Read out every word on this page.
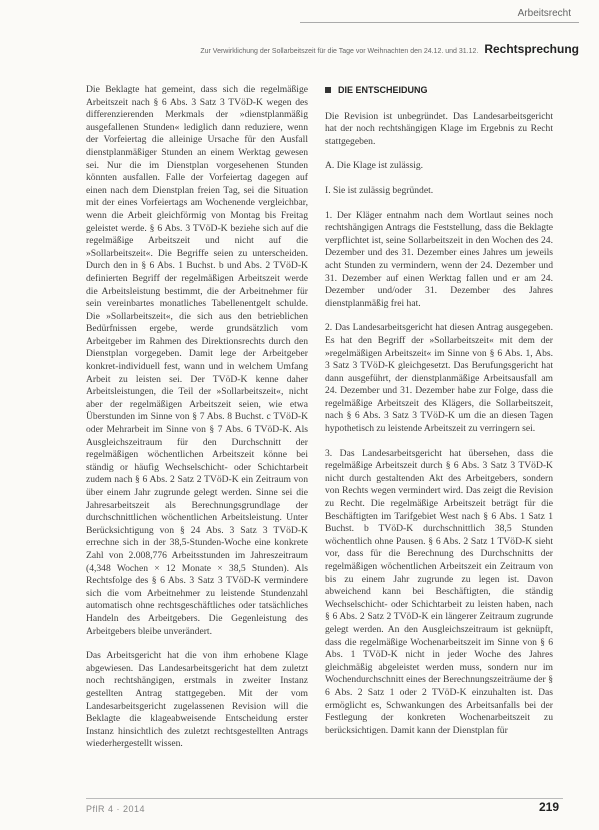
Arbeitsrecht
Zur Verwirklichung der Sollarbeitszeit für die Tage vor Weihnachten den 24.12. und 31.12. Rechtsprechung

Die Beklagte hat gemeint, dass sich die regelmäßige Arbeitszeit nach § 6 Abs. 3 Satz 3 TVöD-K wegen des differenzierenden Merkmals der »dienstplanmäßig ausgefallenen Stunden« lediglich dann reduziere, wenn der Vorfeiertag die alleinige Ursache für den Ausfall dienstplanmäßiger Stunden an einem Werktag gewesen sei. Nur die im Dienstplan vorgesehenen Stunden könnten ausfallen. Falle der Vorfeiertag dagegen auf einen nach dem Dienstplan freien Tag, sei die Situation mit der eines Vorfeiertags am Wochenende vergleichbar, wenn die Arbeit gleichförmig von Montag bis Freitag geleistet werde. § 6 Abs. 3 TVöD-K beziehe sich auf die regelmäßige Arbeitszeit und nicht auf die »Sollarbeitszeit«. Die Begriffe seien zu unterscheiden. Durch den in § 6 Abs. 1 Buchst. b und Abs. 2 TVöD-K definierten Begriff der regelmäßigen Arbeitszeit werde die Arbeitsleistung bestimmt, die der Arbeitnehmer für sein vereinbartes monatliches Tabellenentgelt schulde. Die »Sollarbeitszeit«, die sich aus den betrieblichen Bedürfnissen ergebe, werde grundsätzlich vom Arbeitgeber im Rahmen des Direktionsrechts durch den Dienstplan vorgegeben. Damit lege der Arbeitgeber konkret-individuell fest, wann und in welchem Umfang Arbeit zu leisten sei. Der TVöD-K kenne daher Arbeitsleistungen, die Teil der »Sollarbeitszeit«, nicht aber der regelmäßigen Arbeitszeit seien, wie etwa Überstunden im Sinne von § 7 Abs. 8 Buchst. c TVöD-K oder Mehrarbeit im Sinne von § 7 Abs. 6 TVöD-K. Als Ausgleichszeitraum für den Durchschnitt der regelmäßigen wöchentlichen Arbeitszeit könne bei ständig or häufig Wechselschicht- oder Schichtarbeit zudem nach § 6 Abs. 2 Satz 2 TVöD-K ein Zeitraum von über einem Jahr zugrunde gelegt werden. Sinne sei die Jahresarbeitszeit als Berechnungsgrundlage der durchschnittlichen wöchentlichen Arbeitsleistung. Unter Berücksichtigung von § 24 Abs. 3 Satz 3 TVöD-K errechne sich in der 38,5-Stunden-Woche eine konkrete Zahl von 2.008,776 Arbeitsstunden im Jahreszeitraum (4,348 Wochen × 12 Monate × 38,5 Stunden). Als Rechtsfolge des § 6 Abs. 3 Satz 3 TVöD-K vermindere sich die vom Arbeitnehmer zu leistende Stundenzahl automatisch ohne rechtsgeschäftliches oder tatsächliches Handeln des Arbeitgebers. Die Gegenleistung des Arbeitgebers bleibe unverändert.

Das Arbeitsgericht hat die von ihm erhobene Klage abgewiesen. Das Landesarbeitsgericht hat dem zuletzt noch rechtshängigen, erstmals in zweiter Instanz gestellten Antrag stattgegeben. Mit der vom Landesarbeitsgericht zugelassenen Revision will die Beklagte die klageabweisende Entscheidung erster Instanz hinsichtlich des zuletzt rechtsgestellten Antrags wiederhergestellt wissen.

DIE ENTSCHEIDUNG

Die Revision ist unbegründet. Das Landesarbeitsgericht hat der noch rechtshängigen Klage im Ergebnis zu Recht stattgegeben.

A. Die Klage ist zulässig.

I. Sie ist zulässig begründet.

1. Der Kläger entnahm nach dem Wortlaut seines noch rechtshängigen Antrags die Feststellung, dass die Beklagte verpflichtet ist, seine Sollarbeitszeit in den Wochen des 24. Dezember und des 31. Dezember eines Jahres um jeweils acht Stunden zu vermindern, wenn der 24. Dezember und 31. Dezember auf einen Werktag fallen und er am 24. Dezember und/oder 31. Dezember des Jahres dienstplanmäßig frei hat.

2. Das Landesarbeitsgericht hat diesen Antrag ausgegeben. Es hat den Begriff der »Sollarbeitszeit« mit dem der »regelmäßigen Arbeitszeit« im Sinne von § 6 Abs. 1, Abs. 3 Satz 3 TVöD-K gleichgesetzt. Das Berufungsgericht hat dann ausgeführt, der dienstplanmäßige Arbeitsausfall am 24. Dezember und 31. Dezember habe zur Folge, dass die regelmäßige Arbeitszeit des Klägers, die Sollarbeitszeit, nach § 6 Abs. 3 Satz 3 TVöD-K um die an diesen Tagen hypothetisch zu leistende Arbeitszeit zu verringern sei.

3. Das Landesarbeitsgericht hat übersehen, dass die regelmäßige Arbeitszeit durch § 6 Abs. 3 Satz 3 TVöD-K nicht durch gestaltenden Akt des Arbeitgebers, sondern von Rechts wegen vermindert wird. Das zeigt die Revision zu Recht. Die regelmäßige Arbeitszeit beträgt für die Beschäftigten im Tarifgebiet West nach § 6 Abs. 1 Satz 1 Buchst. b TVöD-K durchschnittlich 38,5 Stunden wöchentlich ohne Pausen. § 6 Abs. 2 Satz 1 TVöD-K sieht vor, dass für die Berechnung des Durchschnitts der regelmäßigen wöchentlichen Arbeitszeit ein Zeitraum von bis zu einem Jahr zugrunde zu legen ist. Davon abweichend kann bei Beschäftigten, die ständig Wechselschicht- oder Schichtarbeit zu leisten haben, nach § 6 Abs. 2 Satz 2 TVöD-K ein längerer Zeitraum zugrunde gelegt werden. An den Ausgleichszeitraum ist geknüpft, dass die regelmäßige Wochenarbeitszeit im Sinne von § 6 Abs. 1 TVöD-K nicht in jeder Woche des Jahres gleichmäßig abgeleistet werden muss, sondern nur im Wochendurchschnitt eines der Berechnungszeiträume der § 6 Abs. 2 Satz 1 oder 2 TVöD-K einzuhalten ist. Das ermöglicht es, Schwankungen des Arbeitsanfalls bei der Festlegung der konkreten Wochenarbeitszeit zu berücksichtigen. Damit kann der Dienstplan für

PflR 4 · 2014	219
